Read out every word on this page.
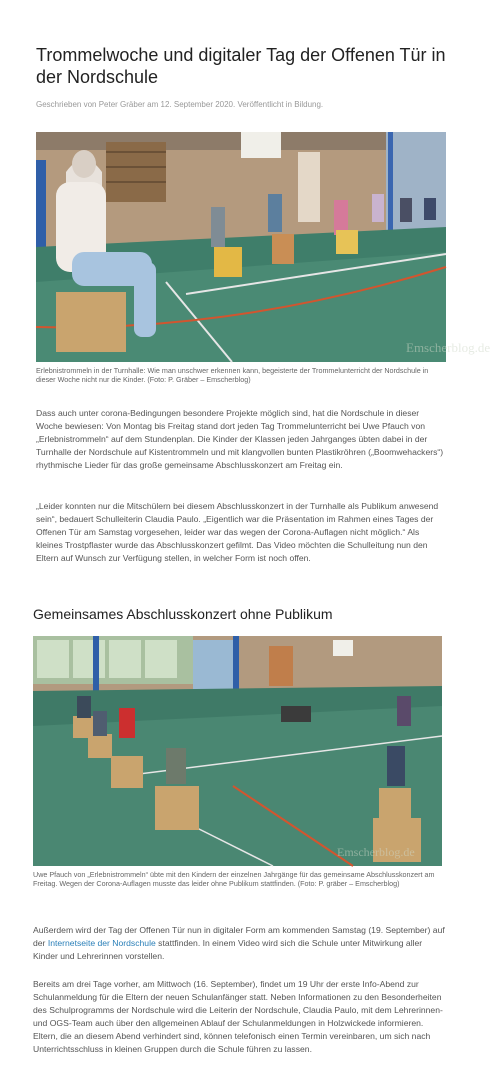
Trommelwoche und digitaler Tag der Offenen Tür in der Nordschule
Geschrieben von Peter Gräber am 12. September 2020. Veröffentlicht in Bildung.
Emscherblog.de
Erlebnistrommeln in der Turnhalle: Wie man unschwer erkennen kann, begeisterte der Trommelunterricht der Nordschule in dieser Woche nicht nur die Kinder. (Foto: P. Gräber – Emscherblog)

Dass auch unter corona-Bedingungen besondere Projekte möglich sind, hat die Nordschule in dieser Woche bewiesen: Von Montag bis Freitag stand dort jeden Tag Trommelunterricht bei Uwe Pfauch von „Erlebnistrommeln“ auf dem Stundenplan. Die Kinder der Klassen jeden Jahrganges übten dabei in der Turnhalle der Nordschule auf Kistentrommeln und mit klangvollen bunten Plastikröhren („Boomwehackers“) rhythmische Lieder für das große gemeinsame Abschlusskonzert am Freitag ein.

„Leider konnten nur die Mitschülern bei diesem Abschlusskonzert in der Turnhalle als Publikum anwesend sein“, bedauert Schulleiterin Claudia Paulo. „Eigentlich war die Präsentation im Rahmen eines Tages der Offenen Tür am Samstag vorgesehen, leider war das wegen der Corona-Auflagen nicht möglich.“ Als kleines Trostpflaster wurde das Abschlusskonzert gefilmt. Das Video möchten die Schulleitung nun den Eltern auf Wunsch zur Verfügung stellen, in welcher Form ist noch offen.

Gemeinsames Abschlusskonzert ohne Publikum
Emscherblog.de
Uwe Pfauch von „Erlebnistrommeln“ übte mit den Kindern der einzelnen Jahrgänge für das gemeinsame Abschlusskonzert am Freitag. Wegen der Corona-Auflagen musste das leider ohne Publikum stattfinden. (Foto: P. gräber – Emscherblog)

Außerdem wird der Tag der Offenen Tür nun in digitaler Form am kommenden Samstag (19. September) auf der Internetseite der Nordschule stattfinden. In einem Video wird sich die Schule unter Mitwirkung aller Kinder und Lehrerinnen vorstellen.

Bereits am drei Tage vorher, am Mittwoch (16. September), findet um 19 Uhr der erste Info-Abend zur Schulanmeldung für die Eltern der neuen Schulanfänger statt. Neben Informationen zu den Besonderheiten des Schulprogramms der Nordschule wird die Leiterin der Nordschule, Claudia Paulo, mit dem Lehrerinnen- und OGS-Team auch über den allgemeinen Ablauf der Schulanmeldungen in Holzwickede informieren. Eltern, die an diesem Abend verhindert sind, können telefonisch einen Termin vereinbaren, um sich nach Unterrichtsschluss in kleinen Gruppen durch die Schule führen zu lassen.
